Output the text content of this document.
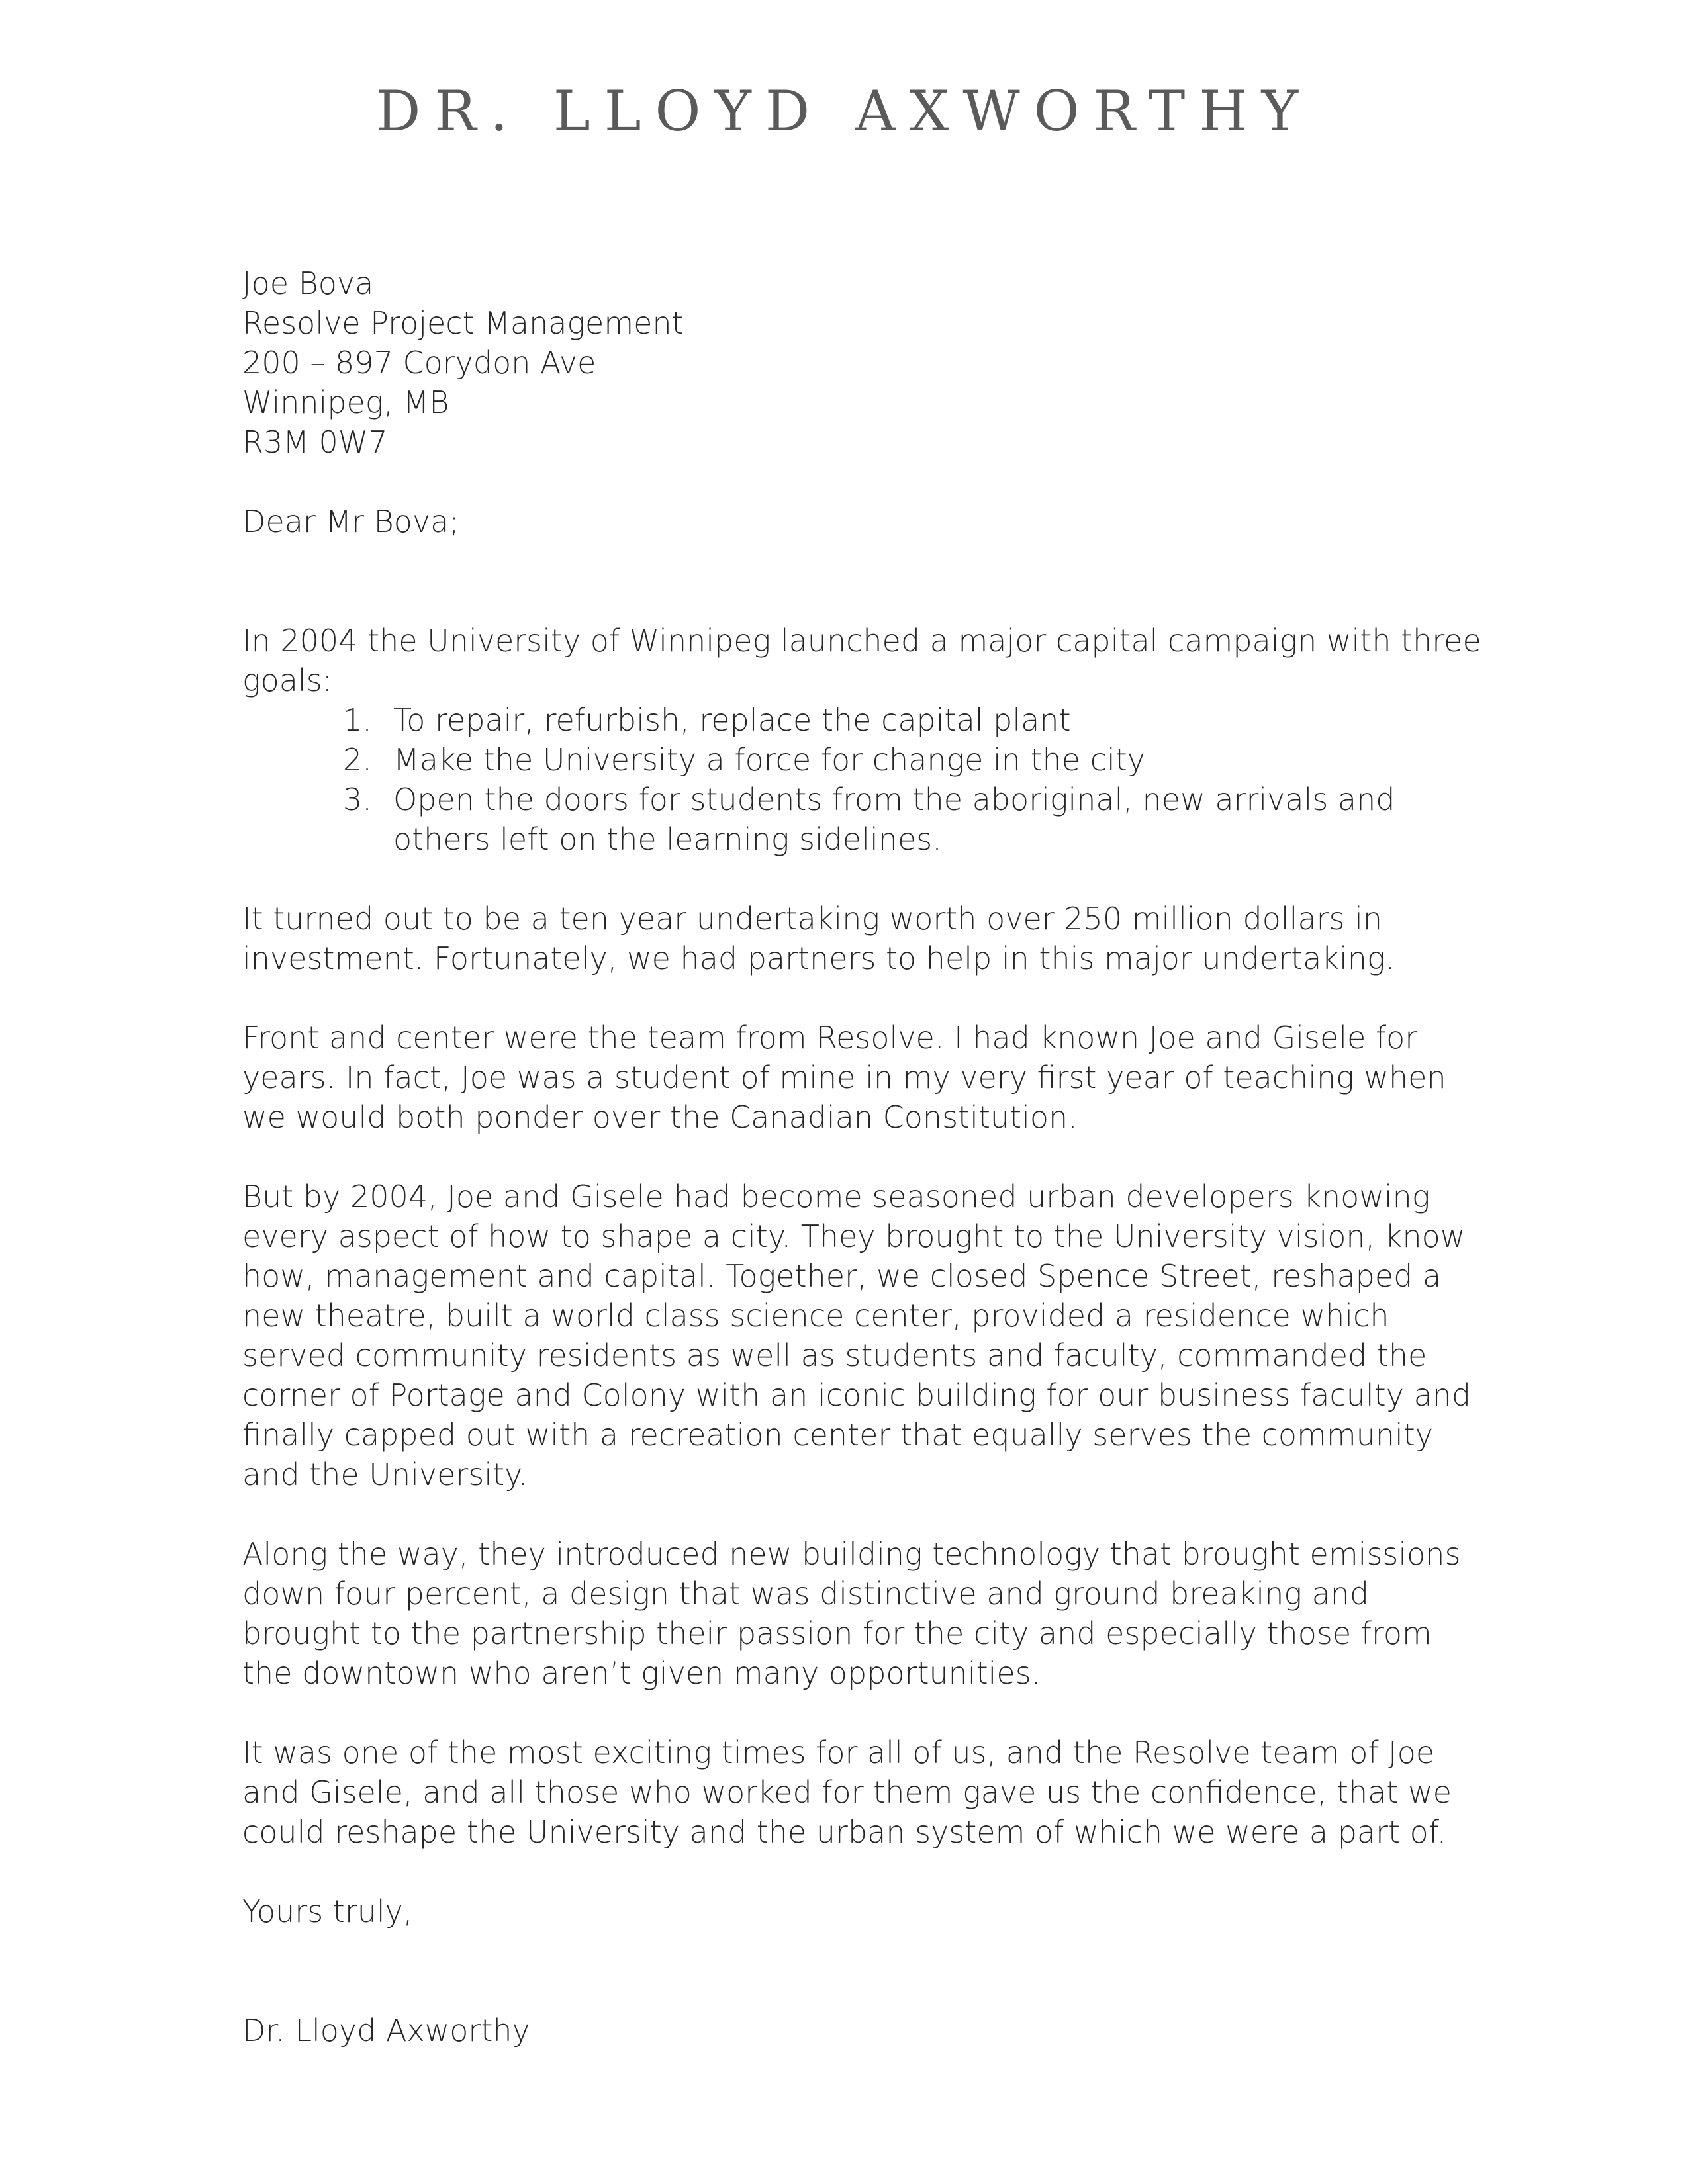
DR. LLOYD AXWORTHY
Joe Bova
Resolve Project Management
200 – 897 Corydon Ave
Winnipeg, MB
R3M 0W7
Dear Mr Bova;

In 2004 the University of Winnipeg launched a major capital campaign with three goals:

1. To repair, refurbish, replace the capital plant
2. Make the University a force for change in the city
3. Open the doors for students from the aboriginal, new arrivals and others left on the learning sidelines.

It turned out to be a ten year undertaking worth over 250 million dollars in investment. Fortunately, we had partners to help in this major undertaking.

Front and center were the team from Resolve. I had known Joe and Gisele for years. In fact, Joe was a student of mine in my very first year of teaching when we would both ponder over the Canadian Constitution.

But by 2004, Joe and Gisele had become seasoned urban developers knowing every aspect of how to shape a city. They brought to the University vision, know how, management and capital. Together, we closed Spence Street, reshaped a new theatre, built a world class science center, provided a residence which served community residents as well as students and faculty, commanded the corner of Portage and Colony with an iconic building for our business faculty and finally capped out with a recreation center that equally serves the community and the University.

Along the way, they introduced new building technology that brought emissions down four percent, a design that was distinctive and ground breaking and brought to the partnership their passion for the city and especially those from the downtown who aren’t given many opportunities.

It was one of the most exciting times for all of us, and the Resolve team of Joe and Gisele, and all those who worked for them gave us the confidence, that we could reshape the University and the urban system of which we were a part of.

Yours truly,
Dr. Lloyd Axworthy
